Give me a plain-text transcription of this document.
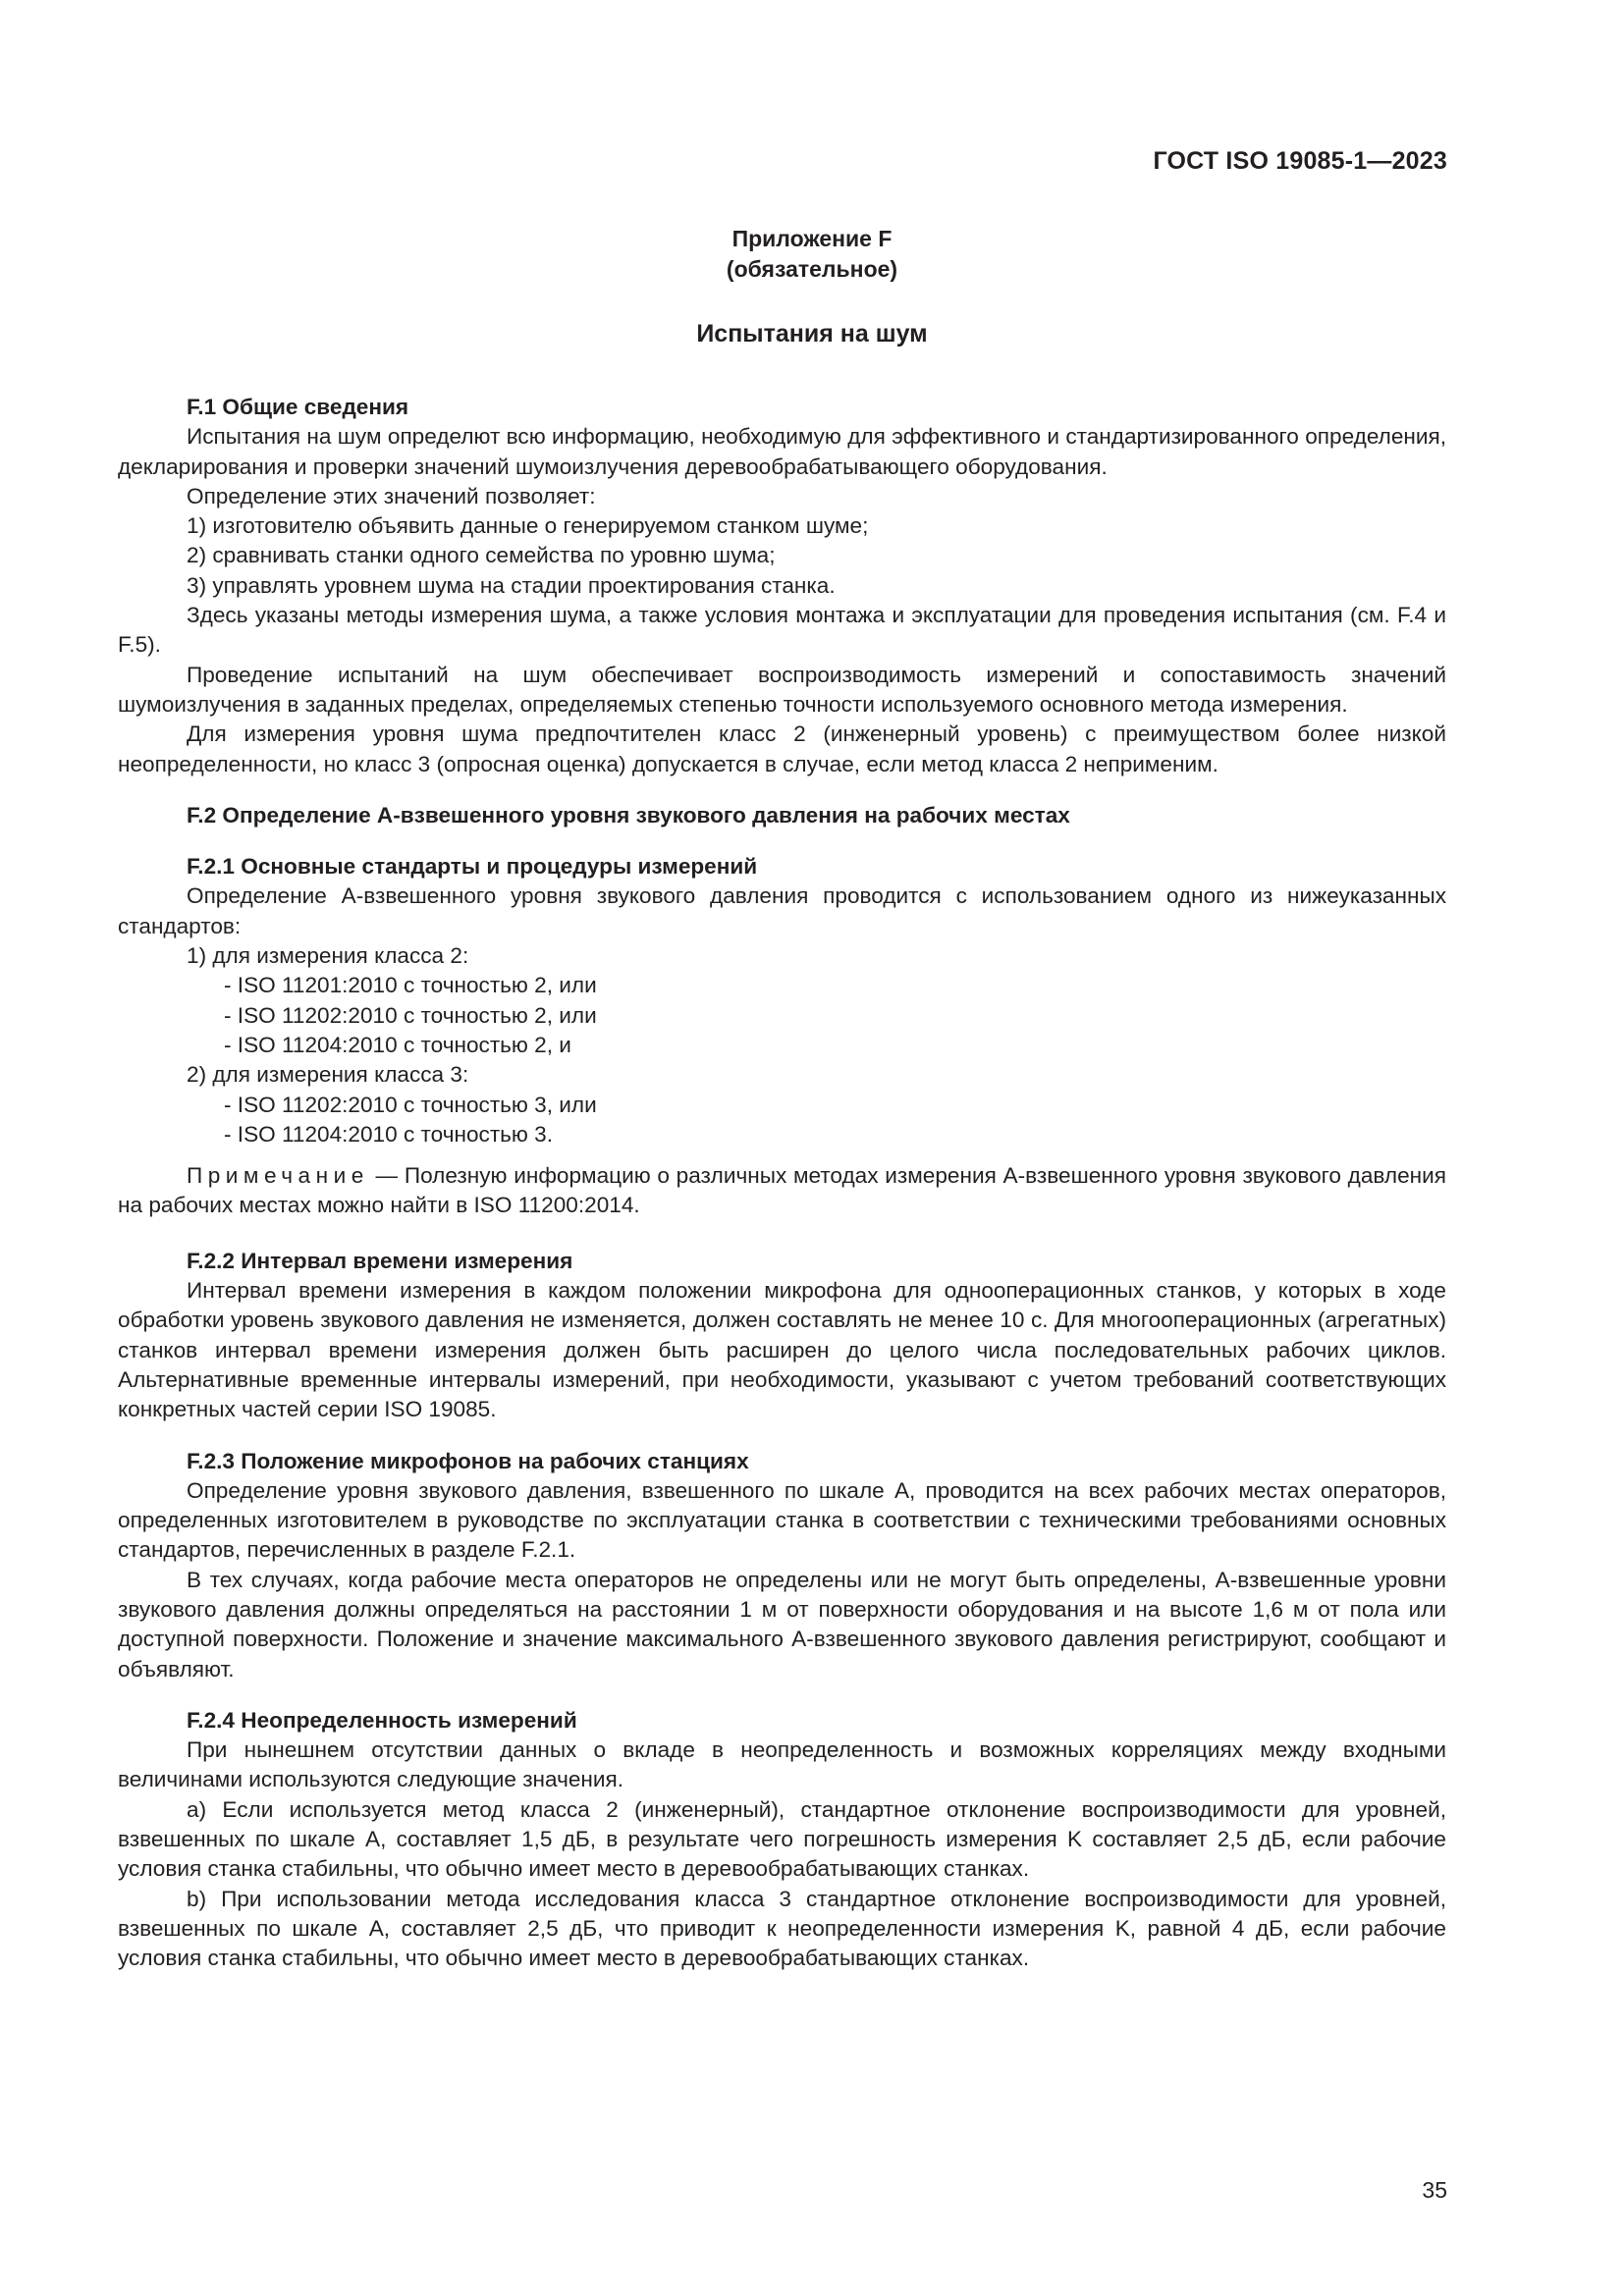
ГОСТ ISO 19085-1—2023
Приложение F
(обязательное)
Испытания на шум

F.1 Общие сведения

Испытания на шум определют всю информацию, необходимую для эффективного и стандартизированного определения, декларирования и проверки значений шумоизлучения деревообрабатывающего оборудования.

Определение этих значений позволяет:

1) изготовителю объявить данные о генерируемом станком шуме;

2) сравнивать станки одного семейства по уровню шума;

3) управлять уровнем шума на стадии проектирования станка.

Здесь указаны методы измерения шума, а также условия монтажа и эксплуатации для проведения испытания (см. F.4 и F.5).

Проведение испытаний на шум обеспечивает воспроизводимость измерений и сопоставимость значений шумоизлучения в заданных пределах, определяемых степенью точности используемого основного метода измерения.

Для измерения уровня шума предпочтителен класс 2 (инженерный уровень) с преимуществом более низкой неопределенности, но класс 3 (опросная оценка) допускается в случае, если метод класса 2 неприменим.

F.2 Определение А-взвешенного уровня звукового давления на рабочих местах

F.2.1 Основные стандарты и процедуры измерений

Определение А-взвешенного уровня звукового давления проводится с использованием одного из нижеуказанных стандартов:

1) для измерения класса 2:

- ISO 11201:2010 с точностью 2, или

- ISO 11202:2010 с точностью 2, или

- ISO 11204:2010 с точностью 2, и

2) для измерения класса 3:

- ISO 11202:2010 с точностью 3, или

- ISO 11204:2010 с точностью 3.

Примечание — Полезную информацию о различных методах измерения А-взвешенного уровня звукового давления на рабочих местах можно найти в ISO 11200:2014.

F.2.2 Интервал времени измерения

Интервал времени измерения в каждом положении микрофона для однооперационных станков, у которых в ходе обработки уровень звукового давления не изменяется, должен составлять не менее 10 с. Для многооперационных (агрегатных) станков интервал времени измерения должен быть расширен до целого числа последовательных рабочих циклов. Альтернативные временные интервалы измерений, при необходимости, указывают с учетом требований соответствующих конкретных частей серии ISO 19085.

F.2.3 Положение микрофонов на рабочих станциях

Определение уровня звукового давления, взвешенного по шкале А, проводится на всех рабочих местах операторов, определенных изготовителем в руководстве по эксплуатации станка в соответствии с техническими требованиями основных стандартов, перечисленных в разделе F.2.1.

В тех случаях, когда рабочие места операторов не определены или не могут быть определены, А-взвешенные уровни звукового давления должны определяться на расстоянии 1 м от поверхности оборудования и на высоте 1,6 м от пола или доступной поверхности. Положение и значение максимального А-взвешенного звукового давления регистрируют, сообщают и объявляют.

F.2.4 Неопределенность измерений

При нынешнем отсутствии данных о вкладе в неопределенность и возможных корреляциях между входными величинами используются следующие значения.

a) Если используется метод класса 2 (инженерный), стандартное отклонение воспроизводимости для уровней, взвешенных по шкале А, составляет 1,5 дБ, в результате чего погрешность измерения K составляет 2,5 дБ, если рабочие условия станка стабильны, что обычно имеет место в деревообрабатывающих станках.

b) При использовании метода исследования класса 3 стандартное отклонение воспроизводимости для уровней, взвешенных по шкале А, составляет 2,5 дБ, что приводит к неопределенности измерения K, равной 4 дБ, если рабочие условия станка стабильны, что обычно имеет место в деревообрабатывающих станках.

35
